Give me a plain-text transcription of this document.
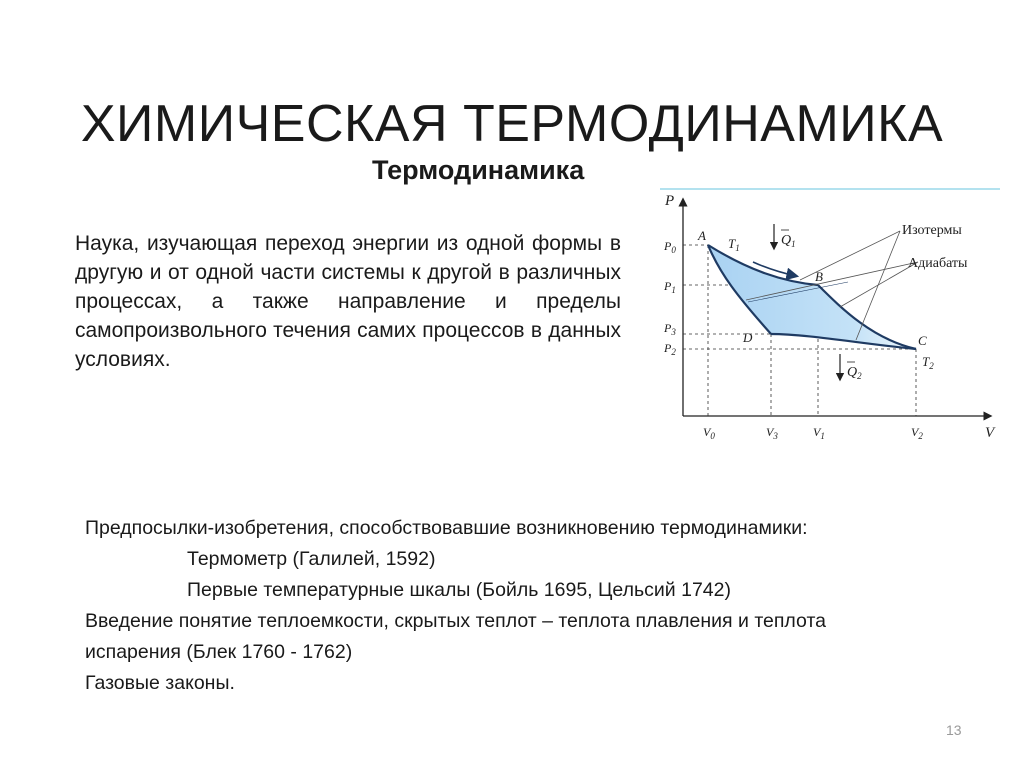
ХИМИЧЕСКАЯ ТЕРМОДИНАМИКА
Термодинамика
Наука, изучающая переход энергии из одной формы в другую и от одной части системы к другой в различных процессах, а также направление и пределы самопроизвольного течения самих процессов в данных условиях.
P
V
Изотермы
Адиабаты
$Q_1$
$Q_2$
A
B
C
D
$T_1$
$T_2$
$P_0$
$P_1$
$P_3$
$P_2$
$V_0$	$V_3$	$V_1$	$V_2$

Предпосылки-изобретения, способствовавшие возникновению термодинамики:

Термометр (Галилей, 1592)

Первые температурные шкалы (Бойль 1695, Цельсий 1742)

Введение понятие теплоемкости, скрытых теплот – теплота плавления и теплота

испарения (Блек 1760 - 1762)

Газовые законы.

13
